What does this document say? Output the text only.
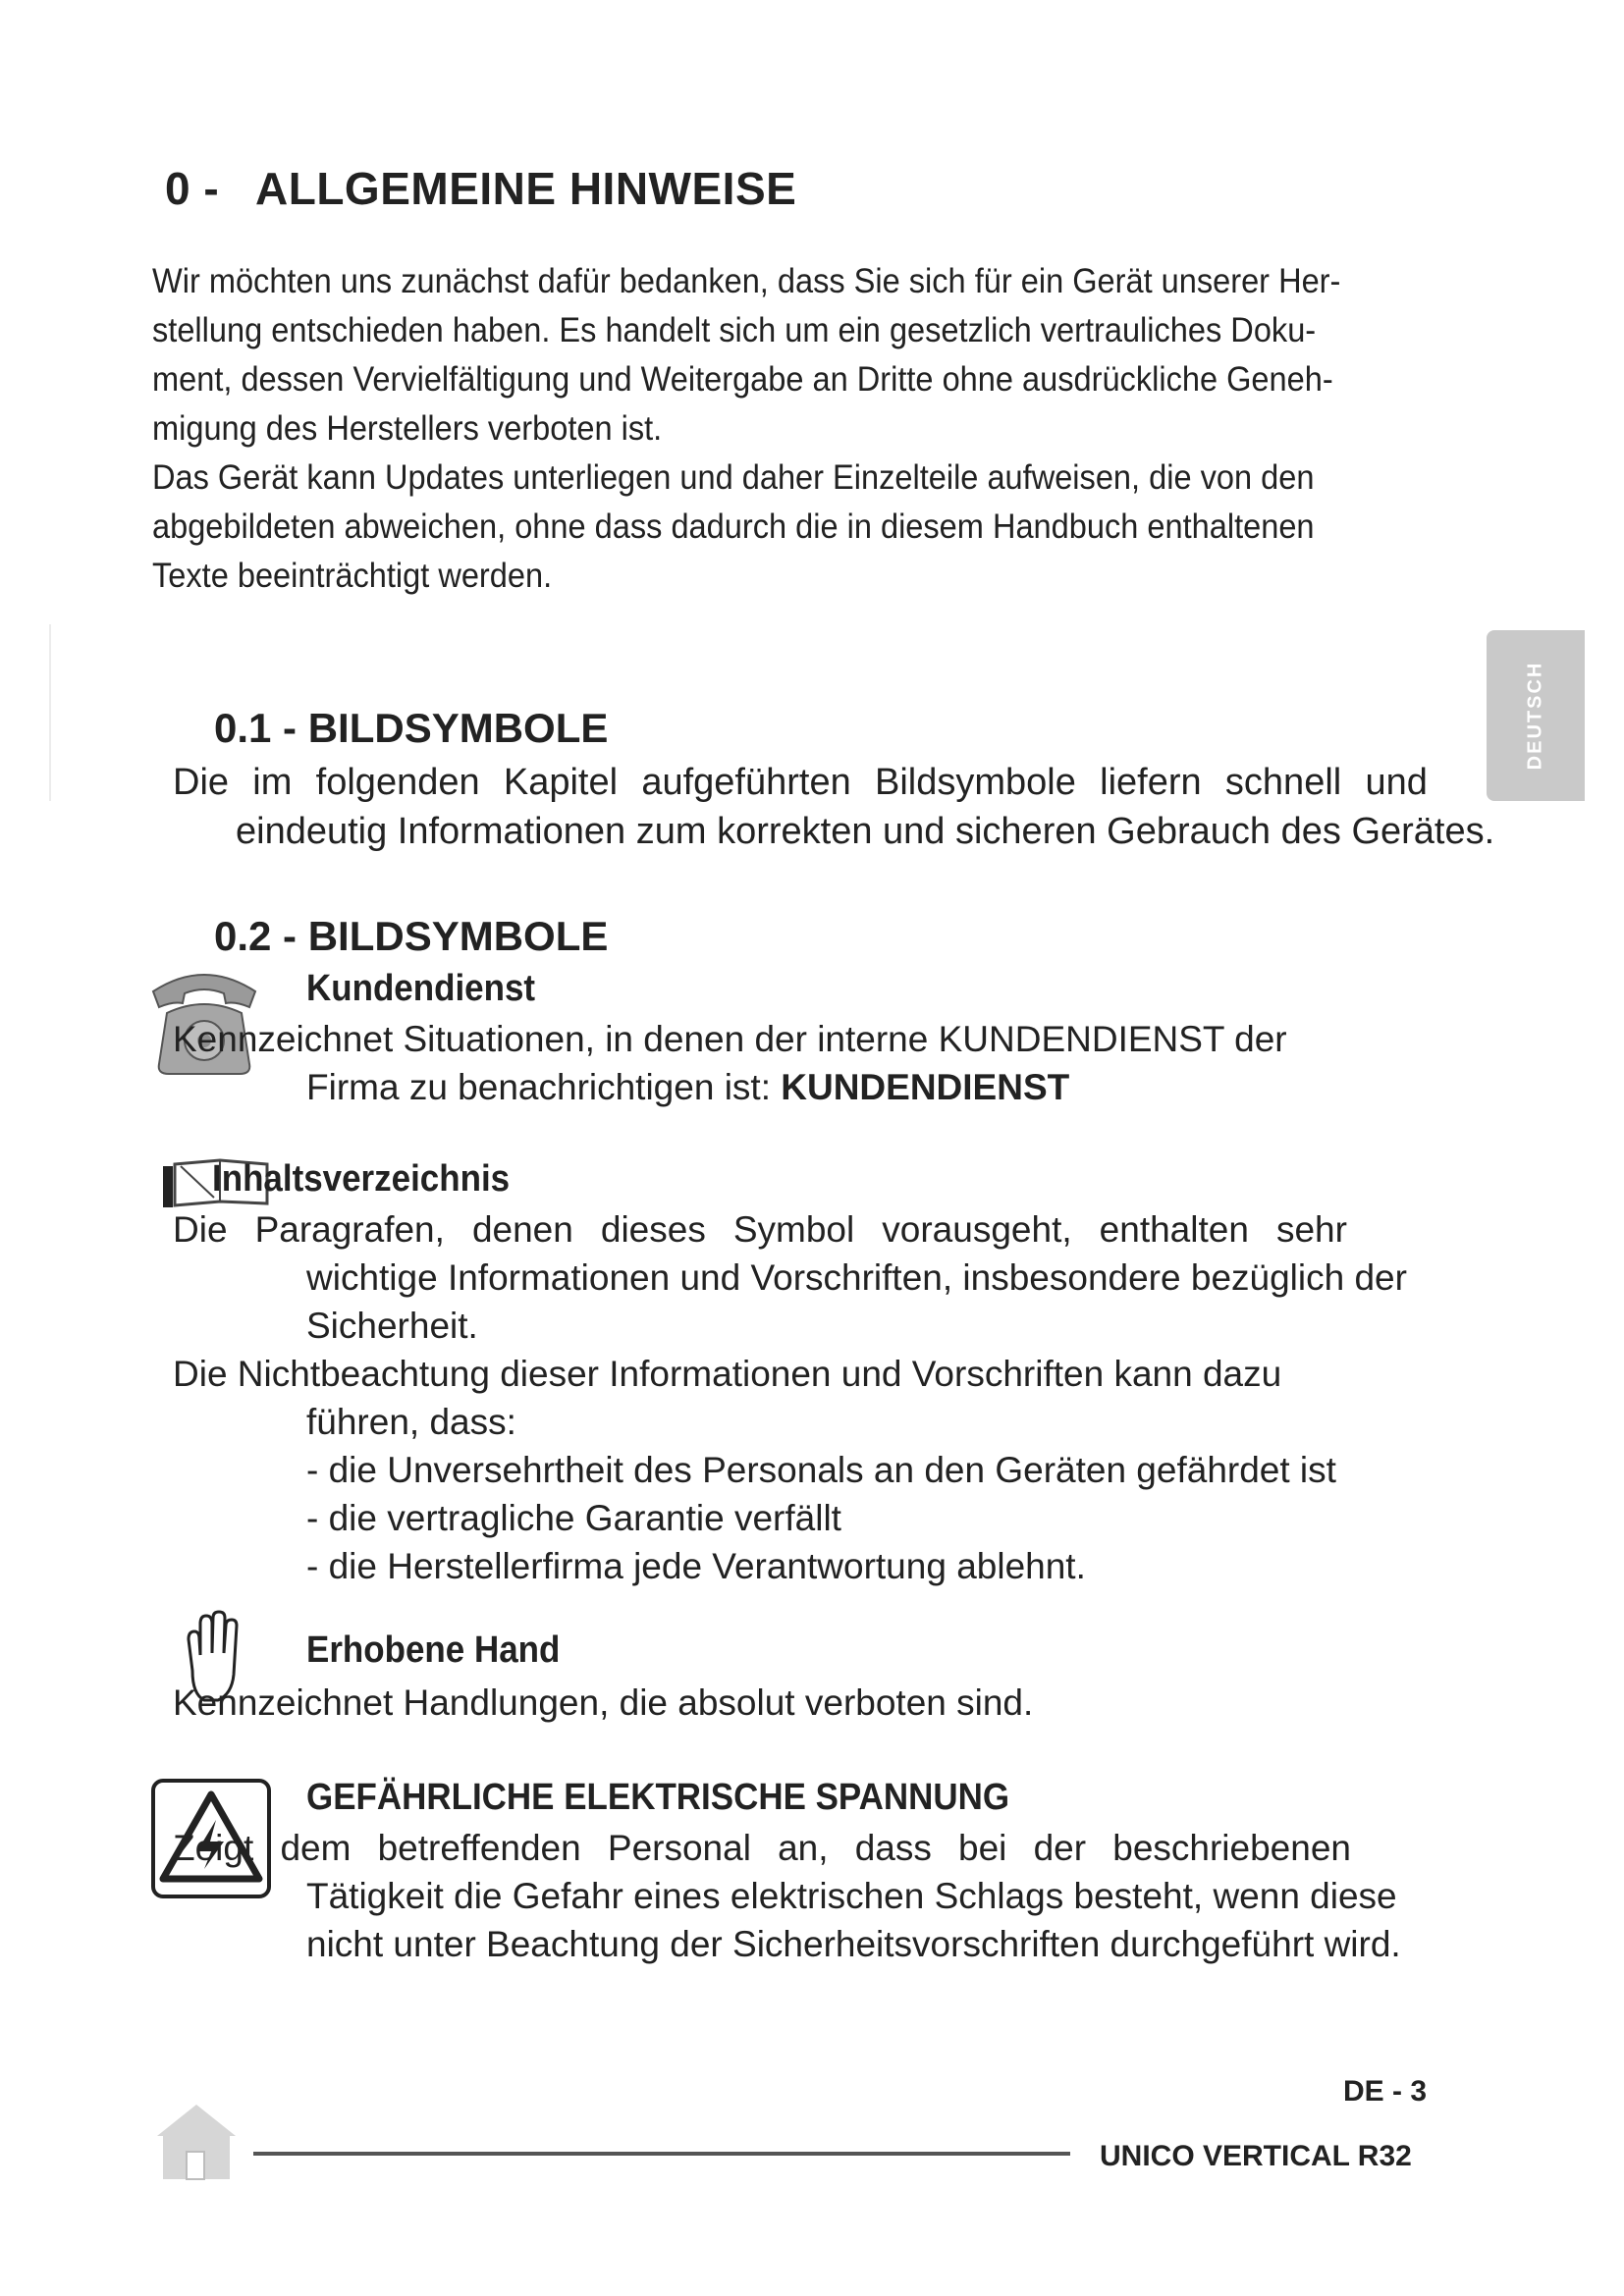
0 - ALLGEMEINE HINWEISE

Wir möchten uns zunächst dafür bedanken, dass Sie sich für ein Gerät unserer Her-

stellung entschieden haben. Es handelt sich um ein gesetzlich vertrauliches Doku-

ment, dessen Vervielfältigung und Weitergabe an Dritte ohne ausdrückliche Geneh-

migung des Herstellers verboten ist.

Das Gerät kann Updates unterliegen und daher Einzelteile aufweisen, die von den

abgebildeten abweichen, ohne dass dadurch die in diesem Handbuch enthaltenen

Texte beeinträchtigt werden.

DEUTSCH
0.1 - BILDSYMBOLE
Die im folgenden Kapitel aufgeführten Bildsymbole liefern schnell und
eindeutig Informationen zum korrekten und sicheren Gebrauch des Gerätes.
0.2 - BILDSYMBOLE
Kundendienst
Kennzeichnet Situationen, in denen der interne KUNDENDIENST der
Firma zu benachrichtigen ist: KUNDENDIENST
Inhaltsverzeichnis
Die Paragrafen, denen dieses Symbol vorausgeht, enthalten sehr
wichtige Informationen und Vorschriften, insbesondere bezüglich der
Sicherheit.
Die Nichtbeachtung dieser Informationen und Vorschriften kann dazu
führen, dass:
- die Unversehrtheit des Personals an den Geräten gefährdet ist
- die vertragliche Garantie verfällt
- die Herstellerfirma jede Verantwortung ablehnt.
Erhobene Hand
Kennzeichnet Handlungen, die absolut verboten sind.
GEFÄHRLICHE ELEKTRISCHE SPANNUNG
Zeigt dem betreffenden Personal an, dass bei der beschriebenen
Tätigkeit die Gefahr eines elektrischen Schlags besteht, wenn diese
nicht unter Beachtung der Sicherheitsvorschriften durchgeführt wird.
DE - 3
UNICO VERTICAL R32
